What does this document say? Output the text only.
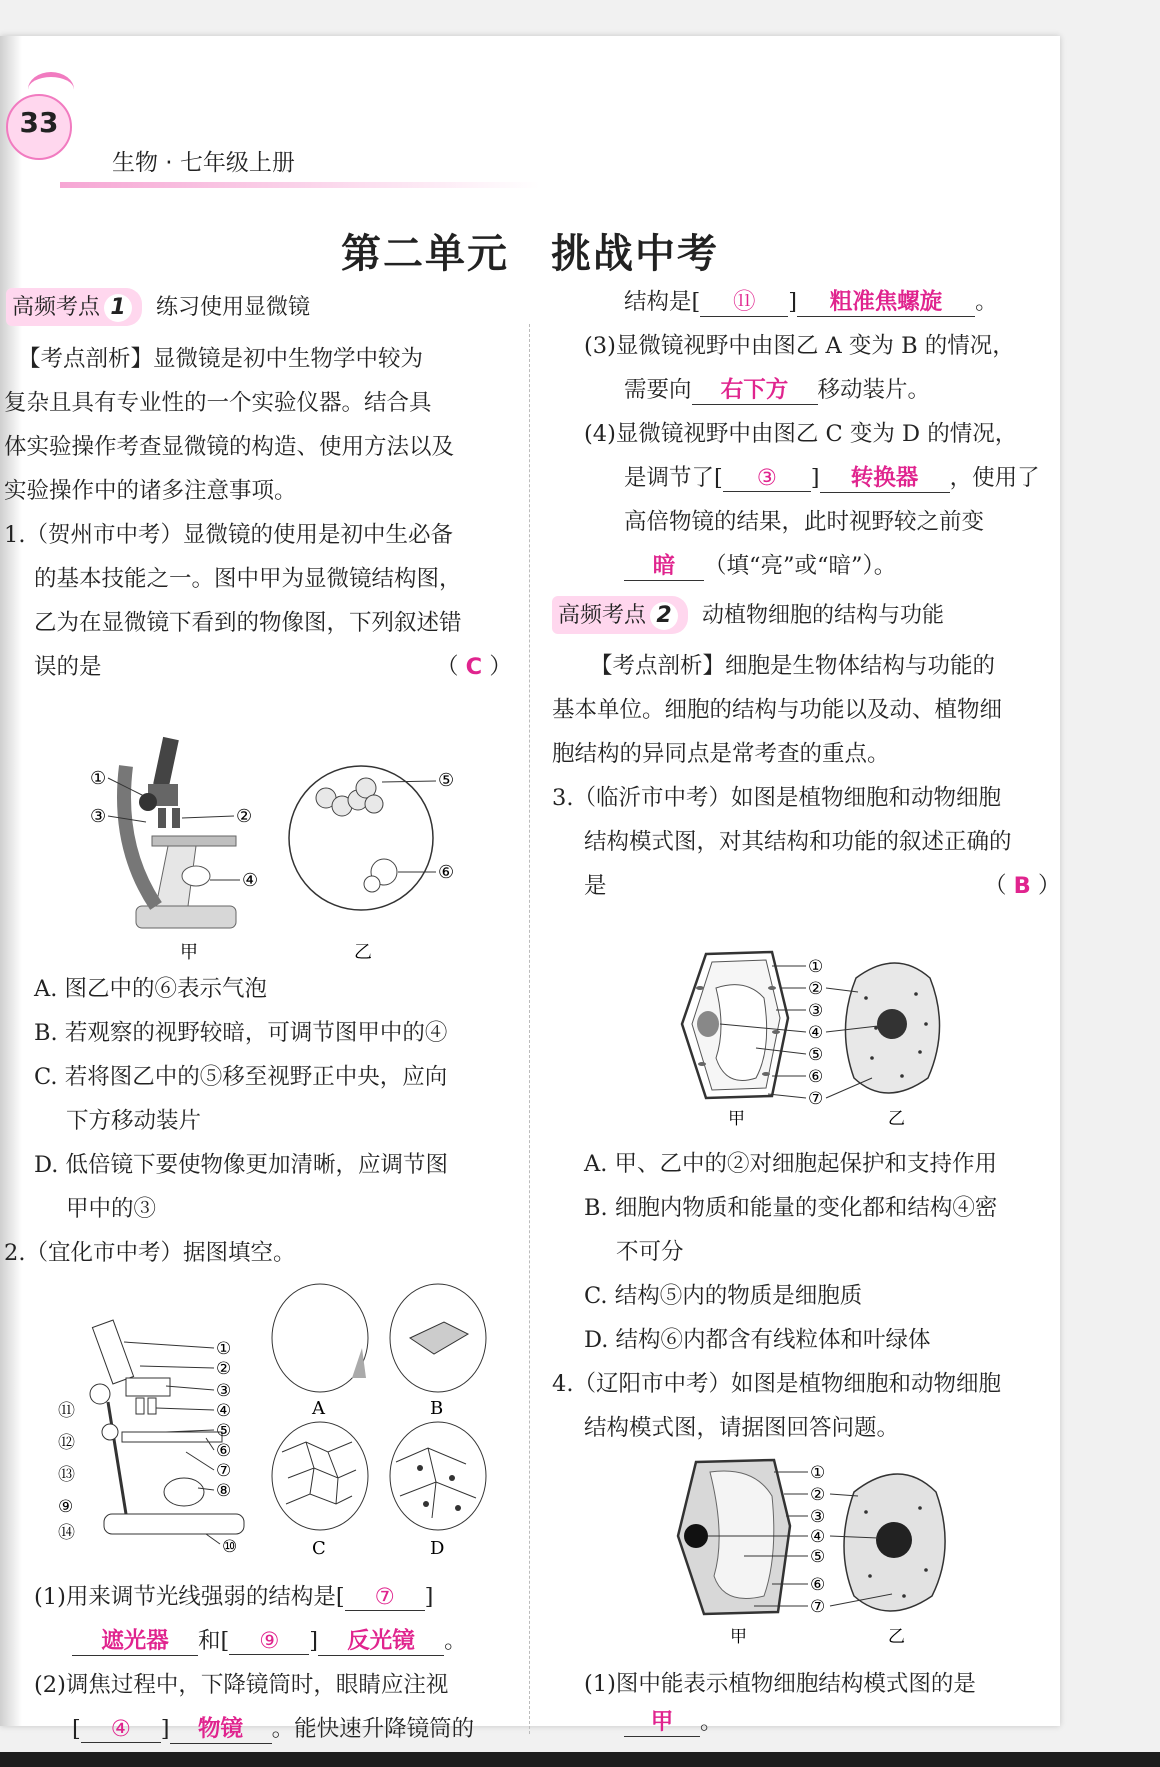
33
生物 · 七年级上册
第二单元　挑战中考
高频考点 1 练习使用显微镜
【考点剖析】显微镜是初中生物学中较为
复杂且具有专业性的一个实验仪器。结合具
体实验操作考查显微镜的构造、使用方法以及
实验操作中的诸多注意事项。
1.（贺州市中考）显微镜的使用是初中生必备
的基本技能之一。图中甲为显微镜结构图，
乙为在显微镜下看到的物像图，下列叙述错
误的是	（ C ）
①
③	②
④
甲
⑤
⑥
乙
A. 图乙中的⑥表示气泡
B. 若观察的视野较暗，可调节图甲中的④
C. 若将图乙中的⑤移至视野正中央，应向
下方移动装片
D. 低倍镜下要使物像更加清晰，应调节图
甲中的③
2.（宜化市中考）据图填空。
①
②
③
④
⑤
⑥
⑦
⑧
⑩
⑪
⑫
⑬
⑨
⑭
A	B
C	D
(1)用来调节光线强弱的结构是[ ⑦ ]
遮光器 和[ ⑨ ] 反光镜 。
(2)调焦过程中，下降镜筒时，眼睛应注视
[ ④ ] 物镜 。能快速升降镜筒的
结构是[ ⑪ ] 粗准焦螺旋 。
(3)显微镜视野中由图乙 A 变为 B 的情况，
需要向 右下方 移动装片。
(4)显微镜视野中由图乙 C 变为 D 的情况，
是调节了[ ③ ] 转换器 ，使用了
高倍物镜的结果，此时视野较之前变
暗 （填“亮”或“暗”）。
高频考点 2 动植物细胞的结构与功能
【考点剖析】细胞是生物体结构与功能的
基本单位。细胞的结构与功能以及动、植物细
胞结构的异同点是常考查的重点。
3.（临沂市中考）如图是植物细胞和动物细胞
结构模式图，对其结构和功能的叙述正确的
是	（ B ）
①
②
③
④
⑤
⑥
⑦
甲	乙
A. 甲、乙中的②对细胞起保护和支持作用
B. 细胞内物质和能量的变化都和结构④密
不可分
C. 结构⑤内的物质是细胞质
D. 结构⑥内都含有线粒体和叶绿体
4.（辽阳市中考）如图是植物细胞和动物细胞
结构模式图，请据图回答问题。
①
②
③
④
⑤
⑥
⑦
甲	乙
(1)图中能表示植物细胞结构模式图的是
甲 。
